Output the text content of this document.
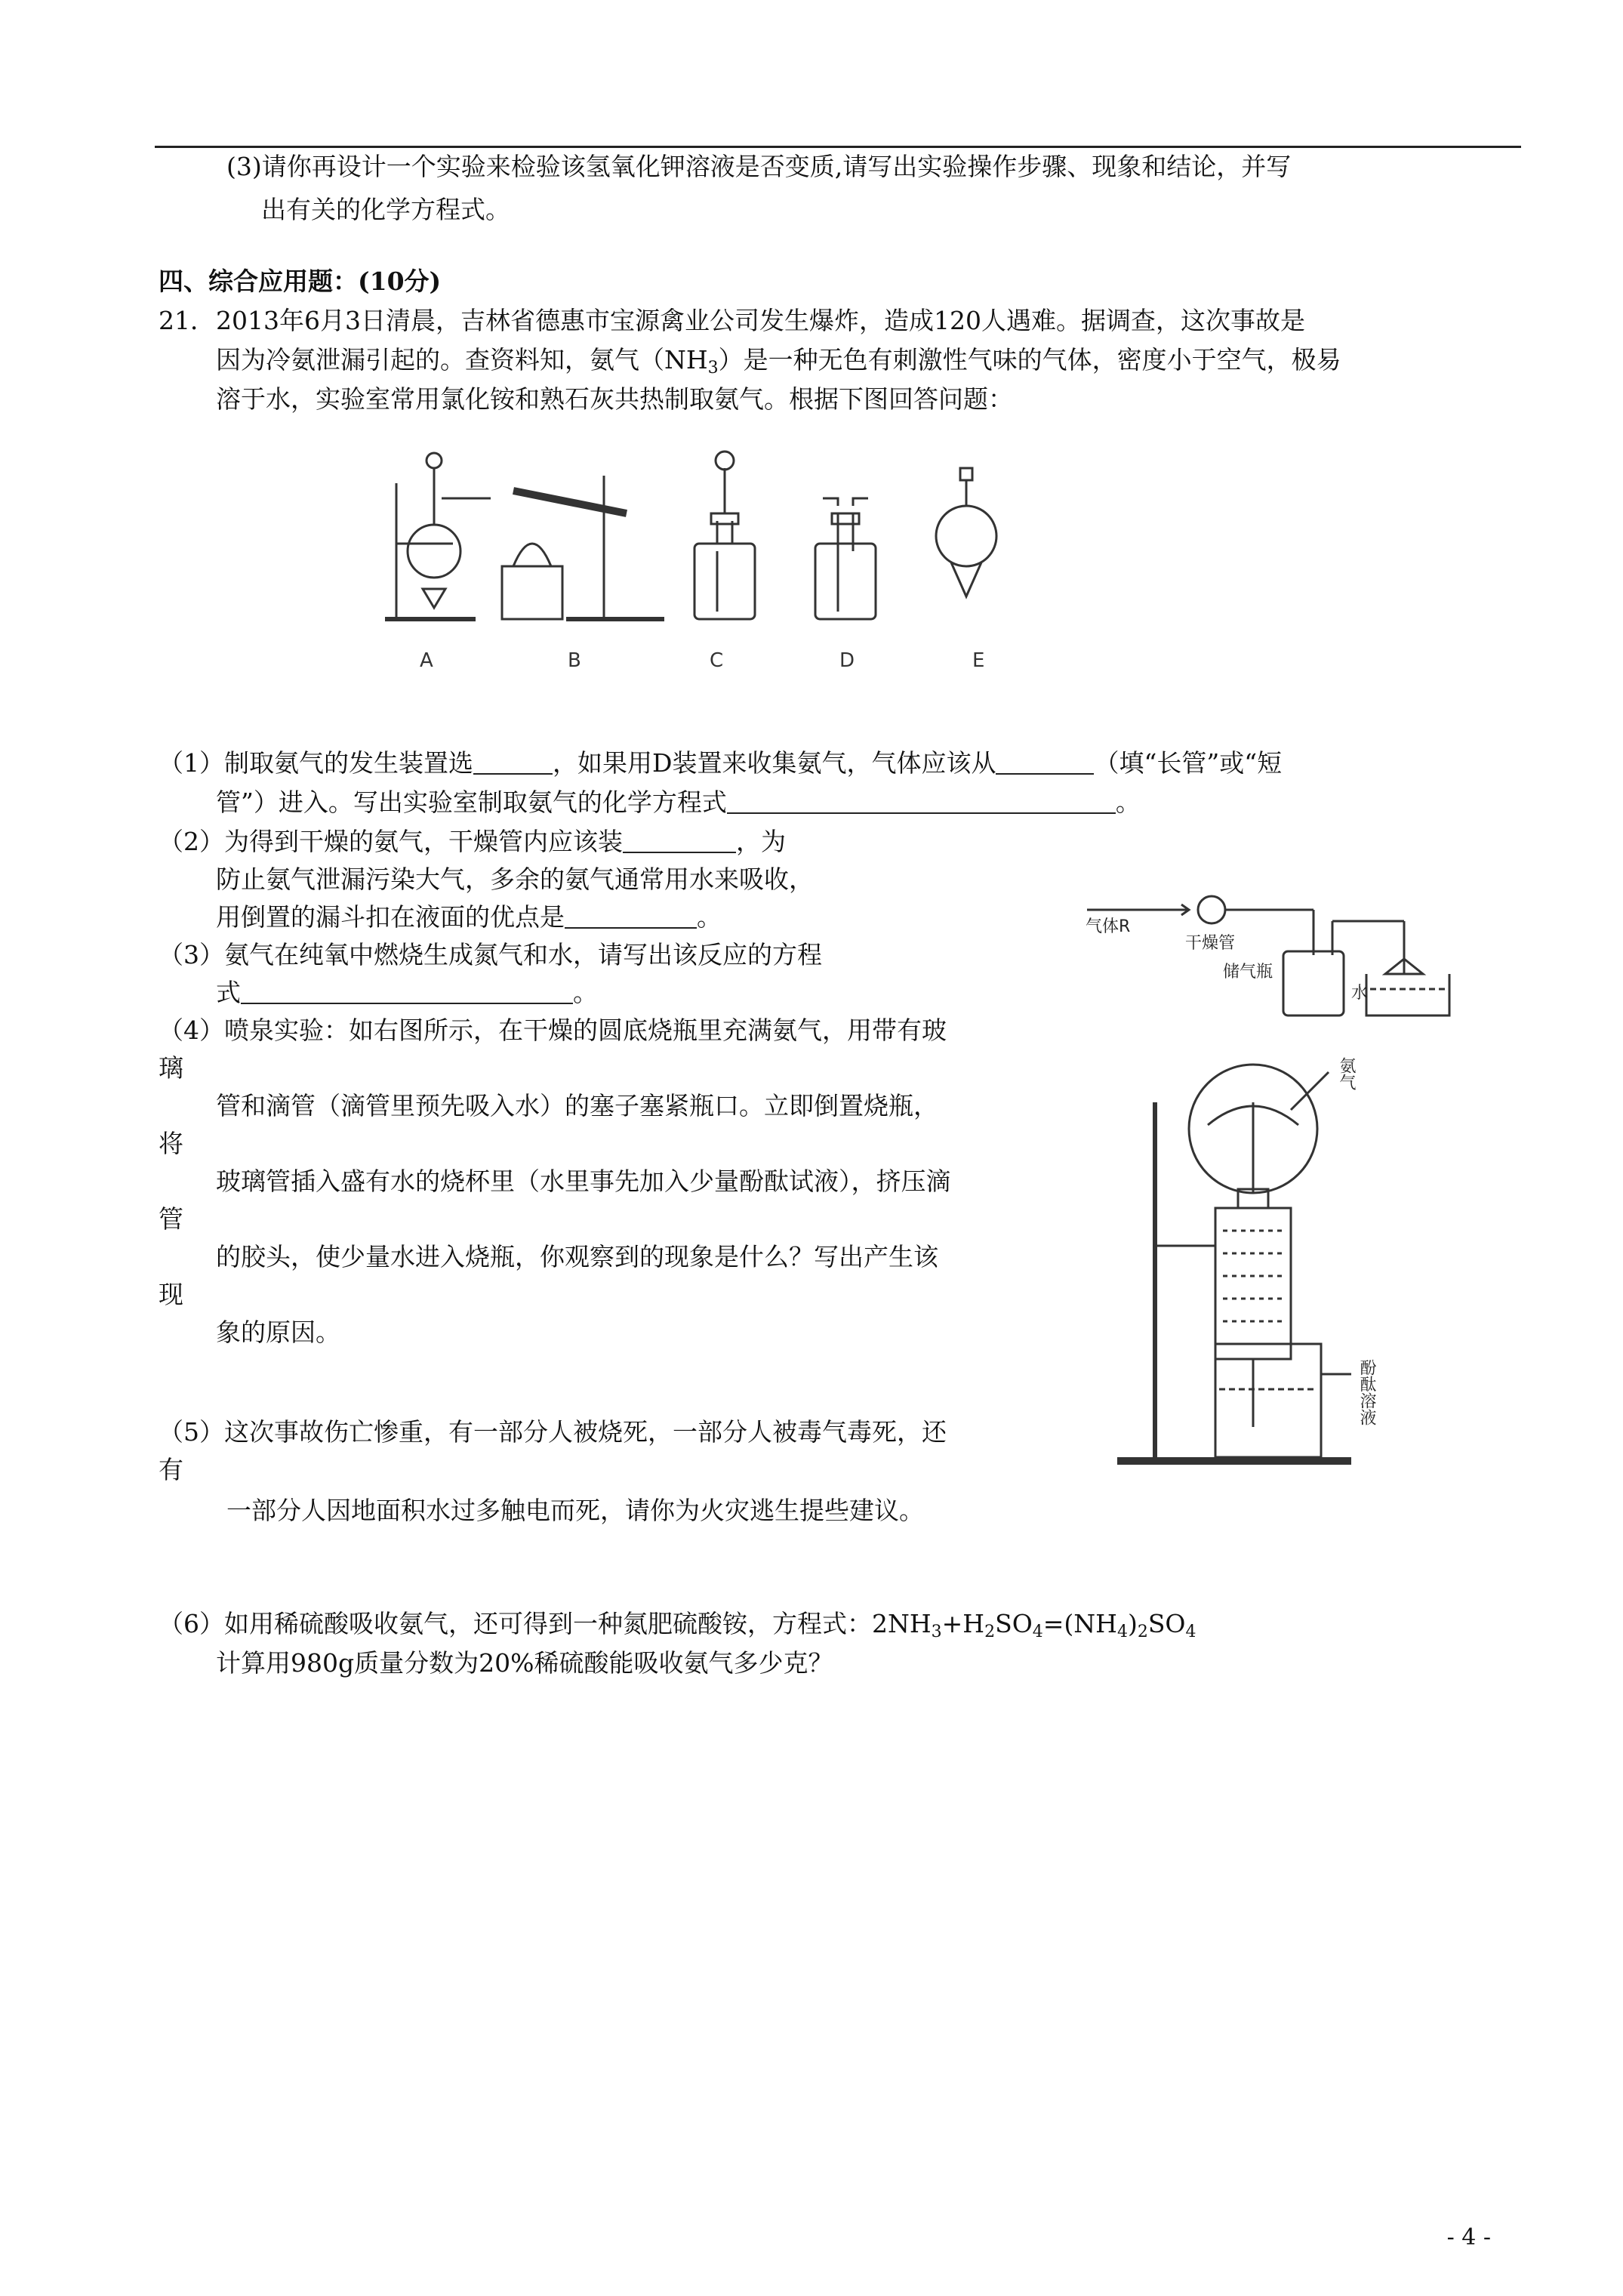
(3)请你再设计一个实验来检验该氢氧化钾溶液是否变质,请写出实验操作步骤、现象和结论，并写
出有关的化学方程式。
四、综合应用题：(10分)
21． 2013年6月3日清晨，吉林省德惠市宝源禽业公司发生爆炸，造成120人遇难。据调查，这次事故是
因为冷氨泄漏引起的。查资料知，氨气$(NH_3)$是一种无色有刺激性气味的气体，密度小于空气，极易
溶于水，实验室常用氯化铵和熟石灰共热制取氨气。根据下图回答问题：
A	B	C	D	E
（1）制取氨气的发生装置选	，如果用D装置来收集氨气，气体应该从	（填“长管”或“短
管”）进入。写出实验室制取氨气的化学方程式	。
（2）为得到干燥的氨气，干燥管内应该装	，为
防止氨气泄漏污染大气，多余的氨气通常用水来吸收，
用倒置的漏斗扣在液面的优点是	。
（3）氨气在纯氧中燃烧生成氮气和水，请写出该反应的方程
式	。
气体R
干燥管
储气瓶
水
（4）喷泉实验：如右图所示，在干燥的圆底烧瓶里充满氨气，用带有玻
璃
管和滴管（滴管里预先吸入水）的塞子塞紧瓶口。立即倒置烧瓶，
将
玻璃管插入盛有水的烧杯里（水里事先加入少量酚酞试液），挤压滴
管
的胶头，使少量水进入烧瓶，你观察到的现象是什么？写出产生该
现
象的原因。
氨气
酚酞溶液
（5）这次事故伤亡惨重，有一部分人被烧死，一部分人被毒气毒死，还
有
一部分人因地面积水过多触电而死，请你为火灾逃生提些建议。
（6）如用稀硫酸吸收氨气，还可得到一种氮肥硫酸铵，方程式：$2NH_3+H_2SO_4=(NH_4)_2SO_4$
计算用980g质量分数为20%稀硫酸能吸收氨气多少克？
- 4 -
